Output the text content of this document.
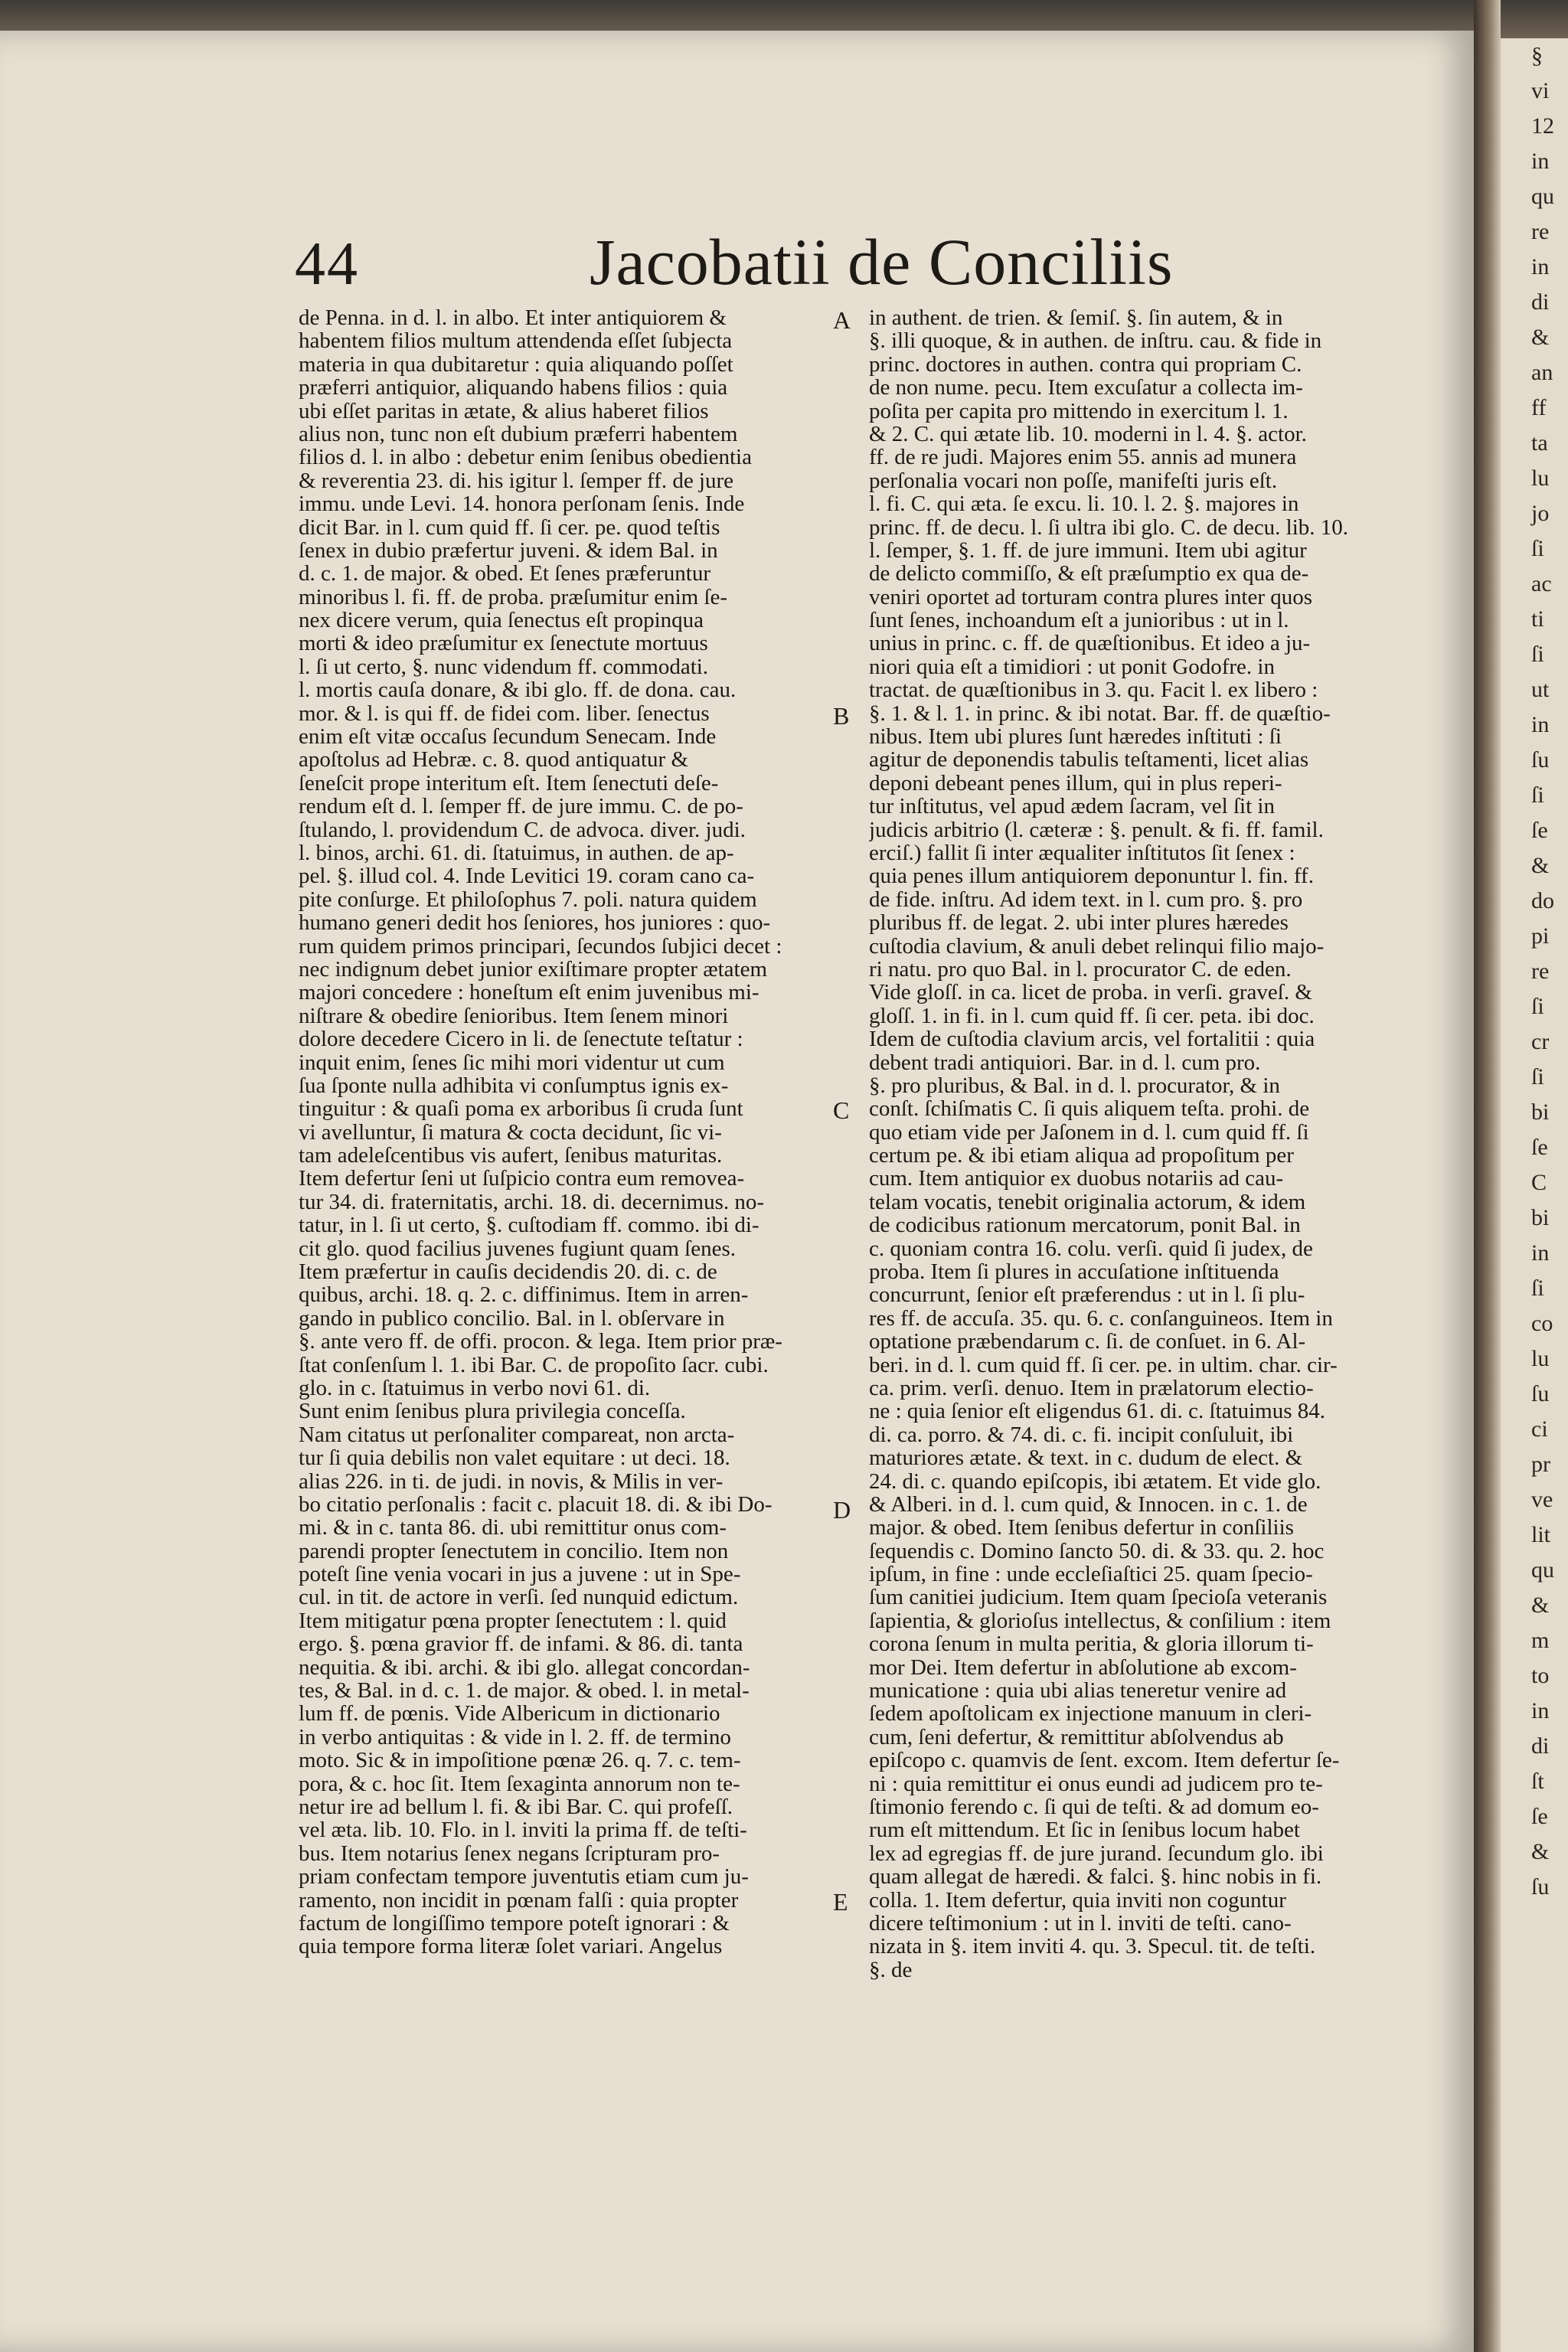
§
vi
12
in
qu
re
in
di
&
an
ff
ta
lu
jo
ſi
ac
ti
ſi
ut
in
ſu
ſi
ſe
&
do
pi
re
ſi
cr
ſi
bi
ſe
C
bi
in
ſi
co
lu
ſu
ci
pr
ve
lit
qu
&
m
to
in
di
ſt
ſe
&
ſu
44	Jacobatii de Conciliis
de Penna. in d. l. in albo. Et inter antiquiorem &
habentem filios multum attendenda eſſet ſubjecta
materia in qua dubitaretur : quia aliquando poſſet
præferri antiquior, aliquando habens filios : quia
ubi eſſet paritas in ætate, & alius haberet filios
alius non, tunc non eſt dubium præferri habentem
filios d. l. in albo : debetur enim ſenibus obedientia
& reverentia 23. di. his igitur l. ſemper ff. de jure
immu. unde Levi. 14. honora perſonam ſenis. Inde
dicit Bar. in l. cum quid ff. ſi cer. pe. quod teſtis
ſenex in dubio præfertur juveni. & idem Bal. in
d. c. 1. de major. & obed. Et ſenes præferuntur
minoribus l. fi. ff. de proba. præſumitur enim ſe-
nex dicere verum, quia ſenectus eſt propinqua
morti & ideo præſumitur ex ſenectute mortuus
l. ſi ut certo, §. nunc videndum ff. commodati.
l. mortis cauſa donare, & ibi glo. ff. de dona. cau.
mor. & l. is qui ff. de fidei com. liber. ſenectus
enim eſt vitæ occaſus ſecundum Senecam. Inde
apoſtolus ad Hebræ. c. 8. quod antiquatur &
ſeneſcit prope interitum eſt. Item ſenectuti deſe-
rendum eſt d. l. ſemper ff. de jure immu. C. de po-
ſtulando, l. providendum C. de advoca. diver. judi.
l. binos, archi. 61. di. ſtatuimus, in authen. de ap-
pel. §. illud col. 4. Inde Levitici 19. coram cano ca-
pite conſurge. Et philoſophus 7. poli. natura quidem
humano generi dedit hos ſeniores, hos juniores : quo-
rum quidem primos principari, ſecundos ſubjici decet :
nec indignum debet junior exiſtimare propter ætatem
majori concedere : honeſtum eſt enim juvenibus mi-
niſtrare & obedire ſenioribus. Item ſenem minori
dolore decedere Cicero in li. de ſenectute teſtatur :
inquit enim, ſenes ſic mihi mori videntur ut cum
ſua ſponte nulla adhibita vi conſumptus ignis ex-
tinguitur : & quaſi poma ex arboribus ſi cruda ſunt
vi avelluntur, ſi matura & cocta decidunt, ſic vi-
tam adeleſcentibus vis aufert, ſenibus maturitas.
Item defertur ſeni ut ſuſpicio contra eum removea-
tur 34. di. fraternitatis, archi. 18. di. decernimus. no-
tatur, in l. ſi ut certo, §. cuſtodiam ff. commo. ibi di-
cit glo. quod facilius juvenes fugiunt quam ſenes.
Item præfertur in cauſis decidendis 20. di. c. de
quibus, archi. 18. q. 2. c. diffinimus. Item in arren-
gando in publico concilio. Bal. in l. obſervare in
§. ante vero ff. de offi. procon. & lega. Item prior præ-
ſtat conſenſum l. 1. ibi Bar. C. de propoſito ſacr. cubi.
glo. in c. ſtatuimus in verbo novi 61. di.
Sunt enim ſenibus plura privilegia conceſſa.
Nam citatus ut perſonaliter compareat, non arcta-
tur ſi quia debilis non valet equitare : ut deci. 18.
alias 226. in ti. de judi. in novis, & Milis in ver-
bo citatio perſonalis : facit c. placuit 18. di. & ibi Do-
mi. & in c. tanta 86. di. ubi remittitur onus com-
parendi propter ſenectutem in concilio. Item non
poteſt ſine venia vocari in jus a juvene : ut in Spe-
cul. in tit. de actore in verſi. ſed nunquid edictum.
Item mitigatur pœna propter ſenectutem : l. quid
ergo. §. pœna gravior ff. de infami. & 86. di. tanta
nequitia. & ibi. archi. & ibi glo. allegat concordan-
tes, & Bal. in d. c. 1. de major. & obed. l. in metal-
lum ff. de pœnis. Vide Albericum in dictionario
in verbo antiquitas : & vide in l. 2. ff. de termino
moto. Sic & in impoſitione pœnæ 26. q. 7. c. tem-
pora, & c. hoc ſit. Item ſexaginta annorum non te-
netur ire ad bellum l. fi. & ibi Bar. C. qui profeſſ.
vel æta. lib. 10. Flo. in l. inviti la prima ff. de teſti-
bus. Item notarius ſenex negans ſcripturam pro-
priam confectam tempore juventutis etiam cum ju-
ramento, non incidit in pœnam falſi : quia propter
factum de longiſſimo tempore poteſt ignorari : &
quia tempore forma literæ ſolet variari. Angelus
in authent. de trien. & ſemiſ. §. ſin autem, & in
§. illi quoque, & in authen. de inſtru. cau. & fide in
princ. doctores in authen. contra qui propriam C.
de non nume. pecu. Item excuſatur a collecta im-
poſita per capita pro mittendo in exercitum l. 1.
& 2. C. qui ætate lib. 10. moderni in l. 4. §. actor.
ff. de re judi. Majores enim 55. annis ad munera
perſonalia vocari non poſſe, manifeſti juris eſt.
l. fi. C. qui æta. ſe excu. li. 10. l. 2. §. majores in
princ. ff. de decu. l. ſi ultra ibi glo. C. de decu. lib. 10.
l. ſemper, §. 1. ff. de jure immuni. Item ubi agitur
de delicto commiſſo, & eſt præſumptio ex qua de-
veniri oportet ad torturam contra plures inter quos
ſunt ſenes, inchoandum eſt a junioribus : ut in l.
unius in princ. c. ff. de quæſtionibus. Et ideo a ju-
niori quia eſt a timidiori : ut ponit Godofre. in
tractat. de quæſtionibus in 3. qu. Facit l. ex libero :
§. 1. & l. 1. in princ. & ibi notat. Bar. ff. de quæſtio-
nibus. Item ubi plures ſunt hæredes inſtituti : ſi
agitur de deponendis tabulis teſtamenti, licet alias
deponi debeant penes illum, qui in plus reperi-
tur inſtitutus, vel apud ædem ſacram, vel ſit in
judicis arbitrio (l. cæteræ : §. penult. & fi. ff. famil.
erciſ.) fallit ſi inter æqualiter inſtitutos ſit ſenex :
quia penes illum antiquiorem deponuntur l. fin. ff.
de fide. inſtru. Ad idem text. in l. cum pro. §. pro
pluribus ff. de legat. 2. ubi inter plures hæredes
cuſtodia clavium, & anuli debet relinqui filio majo-
ri natu. pro quo Bal. in l. procurator C. de eden.
Vide gloſſ. in ca. licet de proba. in verſi. graveſ. &
gloſſ. 1. in fi. in l. cum quid ff. ſi cer. peta. ibi doc.
Idem de cuſtodia clavium arcis, vel fortalitii : quia
debent tradi antiquiori. Bar. in d. l. cum pro.
§. pro pluribus, & Bal. in d. l. procurator, & in
conſt. ſchiſmatis C. ſi quis aliquem teſta. prohi. de
quo etiam vide per Jaſonem in d. l. cum quid ff. ſi
certum pe. & ibi etiam aliqua ad propoſitum per
cum. Item antiquior ex duobus notariis ad cau-
telam vocatis, tenebit originalia actorum, & idem
de codicibus rationum mercatorum, ponit Bal. in
c. quoniam contra 16. colu. verſi. quid ſi judex, de
proba. Item ſi plures in accuſatione inſtituenda
concurrunt, ſenior eſt præferendus : ut in l. ſi plu-
res ff. de accuſa. 35. qu. 6. c. conſanguineos. Item in
optatione præbendarum c. ſi. de conſuet. in 6. Al-
beri. in d. l. cum quid ff. ſi cer. pe. in ultim. char. cir-
ca. prim. verſi. denuo. Item in prælatorum electio-
ne : quia ſenior eſt eligendus 61. di. c. ſtatuimus 84.
di. ca. porro. & 74. di. c. fi. incipit conſuluit, ibi
maturiores ætate. & text. in c. dudum de elect. &
24. di. c. quando epiſcopis, ibi ætatem. Et vide glo.
& Alberi. in d. l. cum quid, & Innocen. in c. 1. de
major. & obed. Item ſenibus defertur in conſiliis
ſequendis c. Domino ſancto 50. di. & 33. qu. 2. hoc
ipſum, in fine : unde eccleſiaſtici 25. quam ſpecio-
ſum canitiei judicium. Item quam ſpecioſa veteranis
ſapientia, & glorioſus intellectus, & conſilium : item
corona ſenum in multa peritia, & gloria illorum ti-
mor Dei. Item defertur in abſolutione ab excom-
municatione : quia ubi alias teneretur venire ad
ſedem apoſtolicam ex injectione manuum in cleri-
cum, ſeni defertur, & remittitur abſolvendus ab
epiſcopo c. quamvis de ſent. excom. Item defertur ſe-
ni : quia remittitur ei onus eundi ad judicem pro te-
ſtimonio ferendo c. ſi qui de teſti. & ad domum eo-
rum eſt mittendum. Et ſic in ſenibus locum habet
lex ad egregias ff. de jure jurand. ſecundum glo. ibi
quam allegat de hæredi. & falci. §. hinc nobis in fi.
colla. 1. Item defertur, quia inviti non coguntur
dicere teſtimonium : ut in l. inviti de teſti. cano-
nizata in §. item inviti 4. qu. 3. Specul. tit. de teſti.
§. de
A
B
C
D
E
